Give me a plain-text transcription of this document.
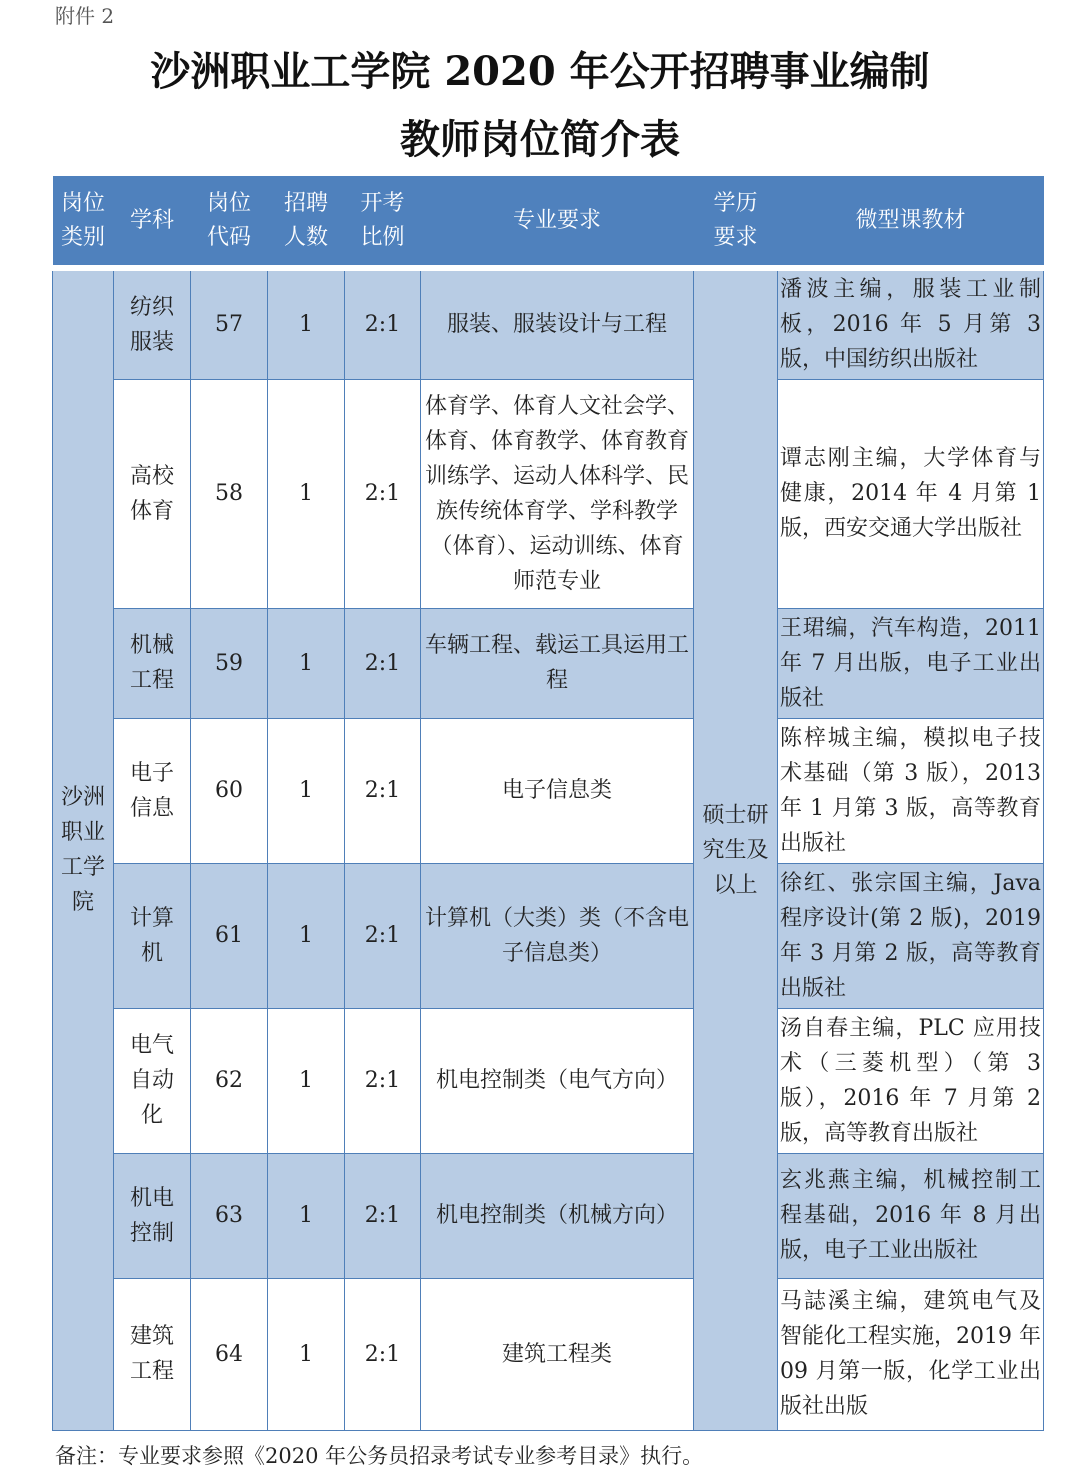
附件 2
沙洲职业工学院 2020 年公开招聘事业编制
教师岗位简介表
岗位类别	学科	岗位代码	招聘人数	开考比例	专业要求	学历要求	微型课教材
沙洲职业工学院	纺织服装	57	1	2:1	服装、服装设计与工程	硕士研究生及以上	潘波主编，服装工业制板，2016 年 5 月第 3 版，中国纺织出版社
	高校体育	58	1	2:1	体育学、体育人文社会学、体育、体育教学、体育教育训练学、运动人体科学、民族传统体育学、学科教学（体育）、运动训练、体育师范专业		谭志刚主编，大学体育与健康，2014 年 4 月第 1 版，西安交通大学出版社
	机械工程	59	1	2:1	车辆工程、载运工具运用工程		王珺编，汽车构造，2011 年 7 月出版，电子工业出版社
	电子信息	60	1	2:1	电子信息类		陈梓城主编，模拟电子技术基础（第 3 版），2013 年 1 月第 3 版，高等教育出版社
	计算机	61	1	2:1	计算机（大类）类（不含电子信息类）		徐红、张宗国主编，Java 程序设计(第 2 版)，2019 年 3 月第 2 版，高等教育出版社
	电气自动化	62	1	2:1	机电控制类（电气方向）		汤自春主编，PLC 应用技术（三菱机型）（第 3 版），2016 年 7 月第 2 版，高等教育出版社
	机电控制	63	1	2:1	机电控制类（机械方向）		玄兆燕主编，机械控制工程基础，2016 年 8 月出版，电子工业出版社
	建筑工程	64	1	2:1	建筑工程类		马誌溪主编，建筑电气及智能化工程实施，2019 年 09 月第一版，化学工业出版社出版
备注：专业要求参照《2020 年公务员招录考试专业参考目录》执行。
